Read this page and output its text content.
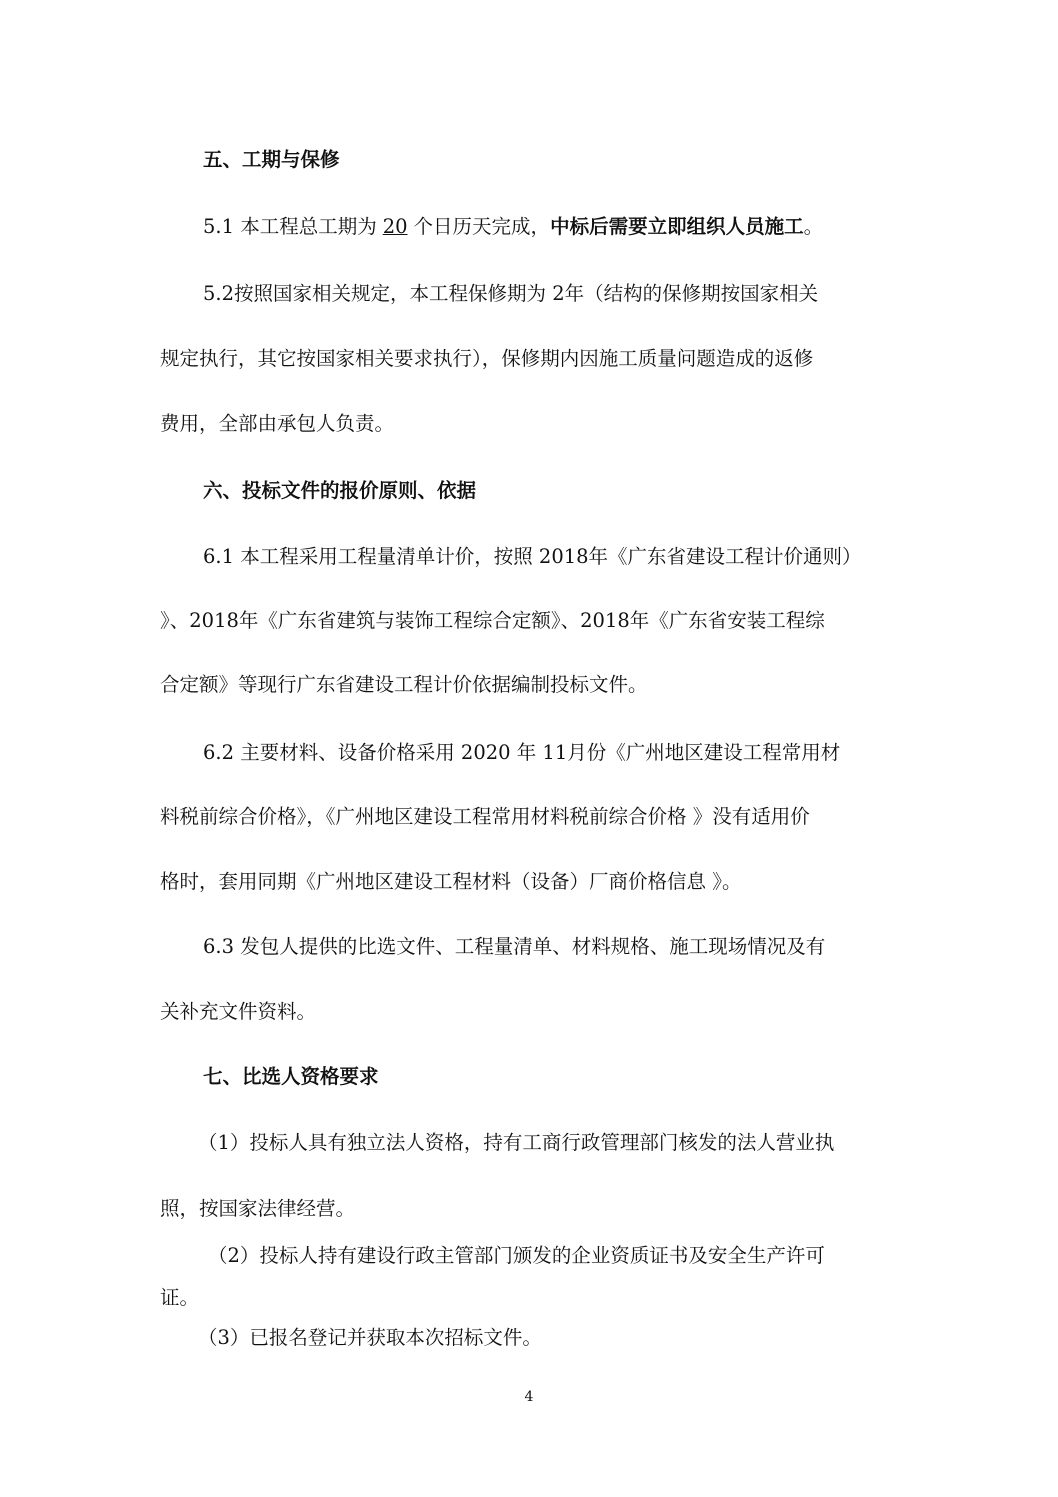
五、工期与保修

5.1 本工程总工期为 20 个日历天完成，中标后需要立即组织人员施工。

5.2按照国家相关规定，本工程保修期为 2年（结构的保修期按国家相关

规定执行，其它按国家相关要求执行），保修期内因施工质量问题造成的返修

费用，全部由承包人负责。

六、投标文件的报价原则、依据

6.1 本工程采用工程量清单计价，按照 2018年《广东省建设工程计价通则）

》、2018年《广东省建筑与装饰工程综合定额》、2018年《广东省安装工程综

合定额》等现行广东省建设工程计价依据编制投标文件。

6.2 主要材料、设备价格采用 2020 年 11月份《广州地区建设工程常用材

料税前综合价格》，《广州地区建设工程常用材料税前综合价格 》没有适用价

格时，套用同期《广州地区建设工程材料（设备）厂商价格信息 》。

6.3 发包人提供的比选文件、工程量清单、材料规格、施工现场情况及有

关补充文件资料。

七、比选人资格要求

（1）投标人具有独立法人资格，持有工商行政管理部门核发的法人营业执

照，按国家法律经营。

（2）投标人持有建设行政主管部门颁发的企业资质证书及安全生产许可

证。

（3）已报名登记并获取本次招标文件。

4
